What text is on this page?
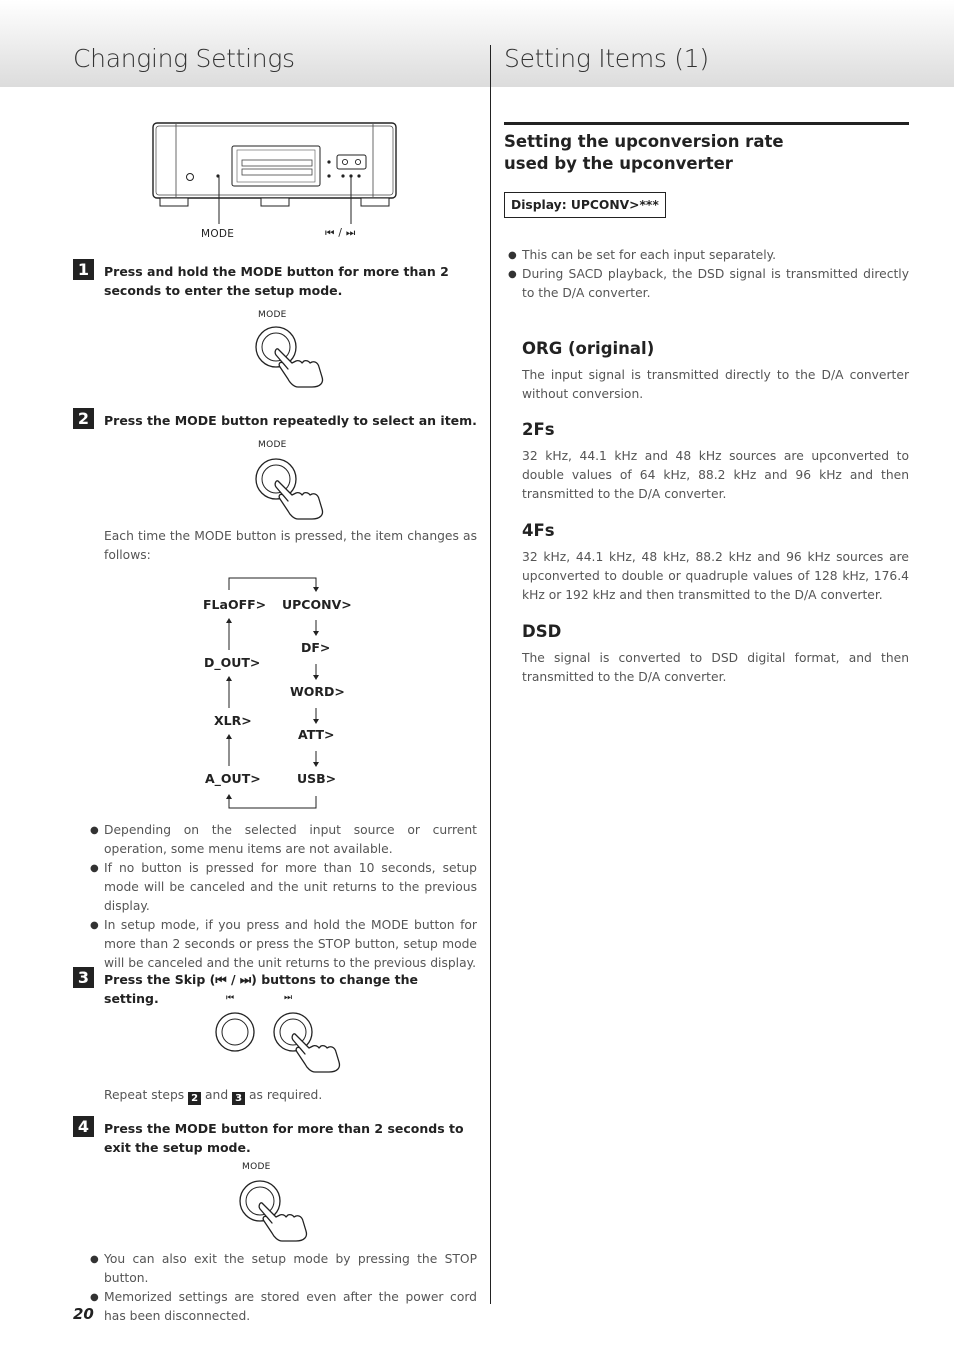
Changing Settings	Setting Items (1)
MODE	⏮ / ⏭
1	Press and hold the MODE button for more than 2 seconds to enter the setup mode.
MODE
2	Press the MODE button repeatedly to select an item.
MODE
Each time the MODE button is pressed, the item changes as follows:
FLaOFF>
D_OUT>
XLR>
A_OUT>
UPCONV>
DF>
WORD>
ATT>
USB>
● Depending on the selected input source or current operation, some menu items are not available.
● If no button is pressed for more than 10 seconds, setup mode will be canceled and the unit returns to the previous display.
● In setup mode, if you press and hold the MODE button for more than 2 seconds or press the STOP button, setup mode will be canceled and the unit returns to the previous display.
3	Press the Skip (⏮ / ⏭) buttons to change the setting.	⏮	⏭
Repeat steps 2 and 3 as required.
4	Press the MODE button for more than 2 seconds to exit the setup mode.
MODE
● You can also exit the setup mode by pressing the STOP button.
● Memorized settings are stored even after the power cord has been disconnected.
20
Setting the upconversion rate
used by the upconverter
Display: UPCONV>***
● This can be set for each input separately.
● During SACD playback, the DSD signal is transmitted directly to the D/A converter.
ORG (original)
The input signal is transmitted directly to the D/A converter without conversion.
2Fs
32 kHz, 44.1 kHz and 48 kHz sources are upconverted to double values of 64 kHz, 88.2 kHz and 96 kHz and then transmitted to the D/A converter.
4Fs
32 kHz, 44.1 kHz, 48 kHz, 88.2 kHz and 96 kHz sources are upconverted to double or quadruple values of 128 kHz, 176.4 kHz or 192 kHz and then transmitted to the D/A converter.
DSD
The signal is converted to DSD digital format, and then transmitted to the D/A converter.
